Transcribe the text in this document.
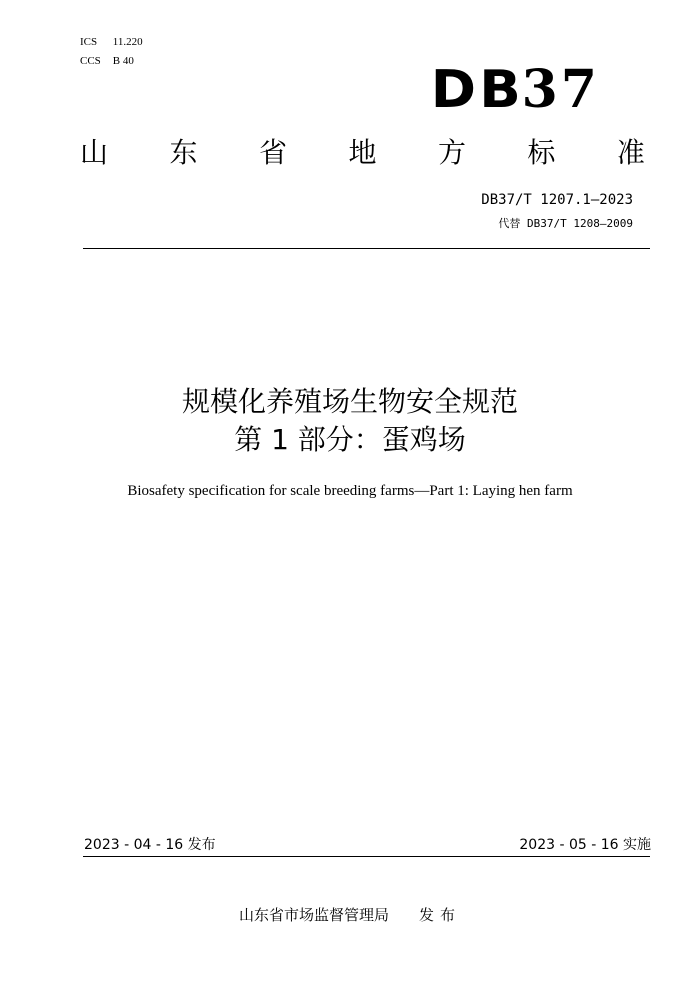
ICS 11.220
CCS B 40	DB37
山 东 省 地 方 标 准
DB37/T 1207.1—2023
代替 DB37/T 1208—2009
规模化养殖场生物安全规范
第 1 部分：蛋鸡场
Biosafety specification for scale breeding farms—Part 1: Laying hen farm
2023 - 04 - 16 发布	2023 - 05 - 16 实施
山东省市场监督管理局 发布
